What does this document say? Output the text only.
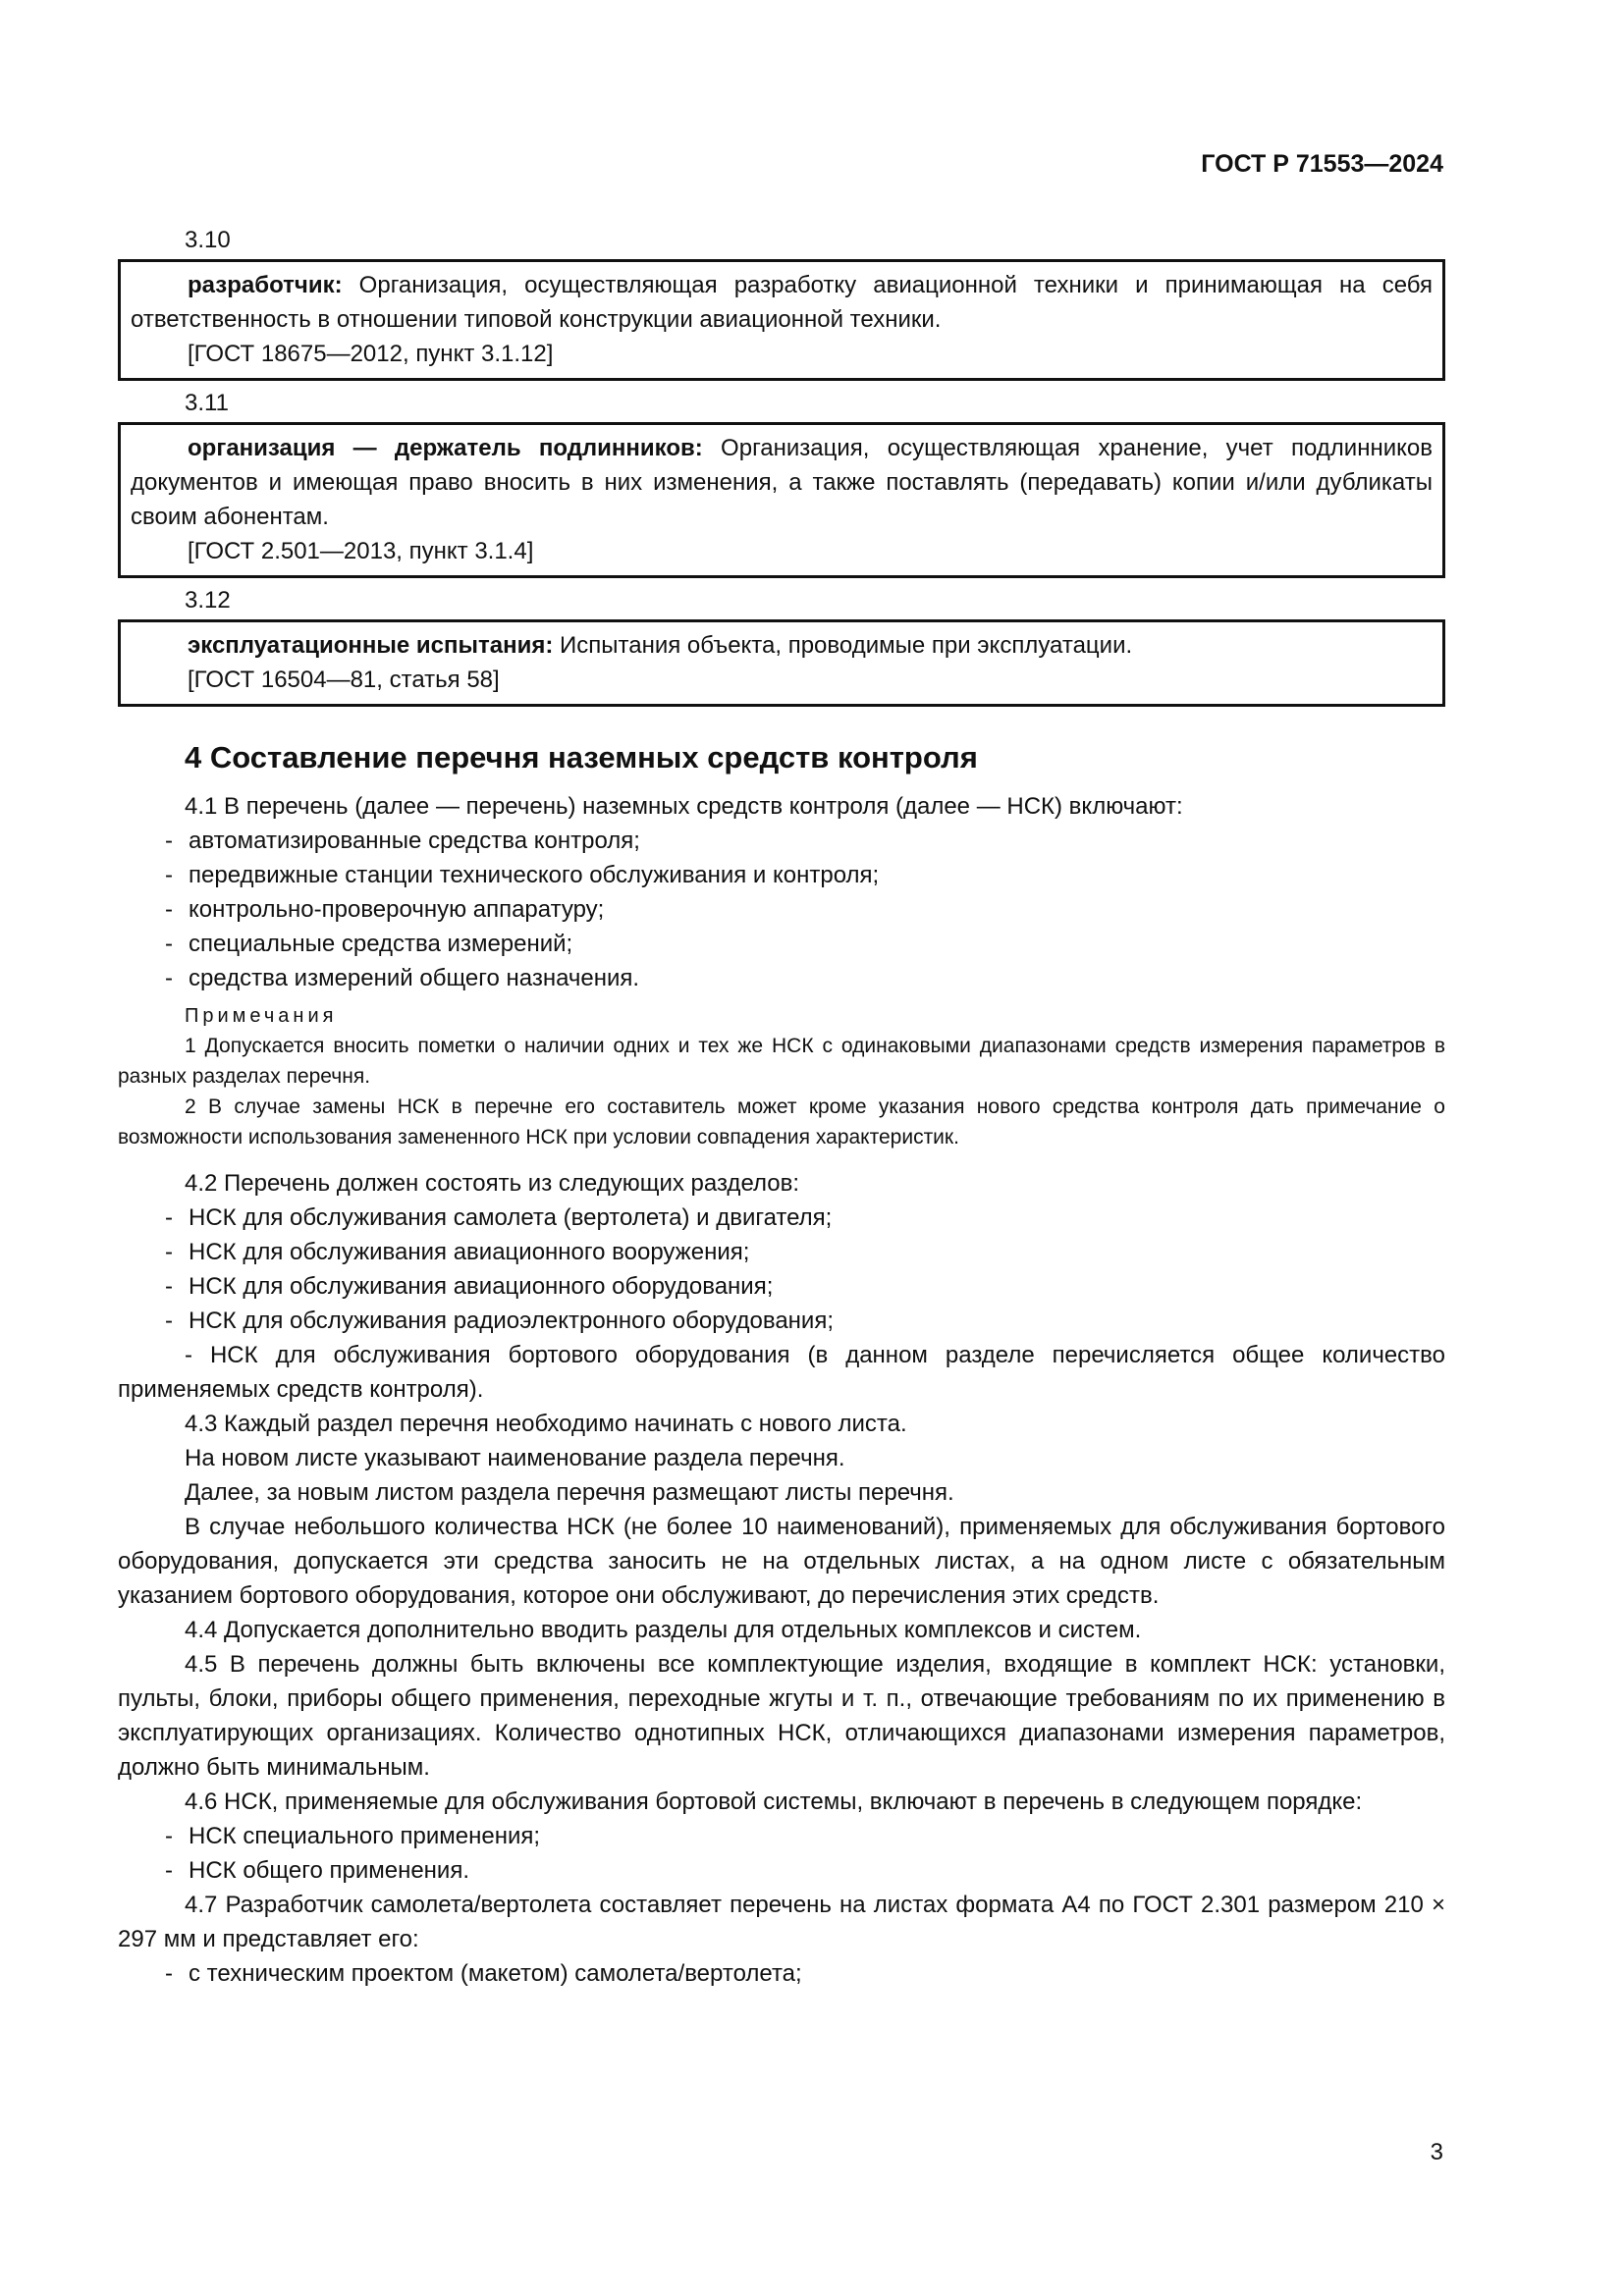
ГОСТ Р 71553—2024
3.10

разработчик: Организация, осуществляющая разработку авиационной техники и принимающая на себя ответственность в отношении типовой конструкции авиационной техники.

[ГОСТ 18675—2012, пункт 3.1.12]

3.11

организация — держатель подлинников: Организация, осуществляющая хранение, учет подлинников документов и имеющая право вносить в них изменения, а также поставлять (передавать) копии и/или дубликаты своим абонентам.

[ГОСТ 2.501—2013, пункт 3.1.4]

3.12

эксплуатационные испытания: Испытания объекта, проводимые при эксплуатации.

[ГОСТ 16504—81, статья 58]

4 Составление перечня наземных средств контроля

4.1 В перечень (далее — перечень) наземных средств контроля (далее — НСК) включают:

- автоматизированные средства контроля;

- передвижные станции технического обслуживания и контроля;

- контрольно-проверочную аппаратуру;

- специальные средства измерений;

- средства измерений общего назначения.

Примечания

1 Допускается вносить пометки о наличии одних и тех же НСК с одинаковыми диапазонами средств измерения параметров в разных разделах перечня.

2 В случае замены НСК в перечне его составитель может кроме указания нового средства контроля дать примечание о возможности использования замененного НСК при условии совпадения характеристик.

4.2 Перечень должен состоять из следующих разделов:

- НСК для обслуживания самолета (вертолета) и двигателя;

- НСК для обслуживания авиационного вооружения;

- НСК для обслуживания авиационного оборудования;

- НСК для обслуживания радиоэлектронного оборудования;

- НСК для обслуживания бортового оборудования (в данном разделе перечисляется общее количество применяемых средств контроля).

4.3 Каждый раздел перечня необходимо начинать с нового листа.

На новом листе указывают наименование раздела перечня.

Далее, за новым листом раздела перечня размещают листы перечня.

В случае небольшого количества НСК (не более 10 наименований), применяемых для обслуживания бортового оборудования, допускается эти средства заносить не на отдельных листах, а на одном листе с обязательным указанием бортового оборудования, которое они обслуживают, до перечисления этих средств.

4.4 Допускается дополнительно вводить разделы для отдельных комплексов и систем.

4.5 В перечень должны быть включены все комплектующие изделия, входящие в комплект НСК: установки, пульты, блоки, приборы общего применения, переходные жгуты и т. п., отвечающие требованиям по их применению в эксплуатирующих организациях. Количество однотипных НСК, отличающихся диапазонами измерения параметров, должно быть минимальным.

4.6 НСК, применяемые для обслуживания бортовой системы, включают в перечень в следующем порядке:

- НСК специального применения;

- НСК общего применения.

4.7 Разработчик самолета/вертолета составляет перечень на листах формата А4 по ГОСТ 2.301 размером 210 × 297 мм и представляет его:

- с техническим проектом (макетом) самолета/вертолета;

3
